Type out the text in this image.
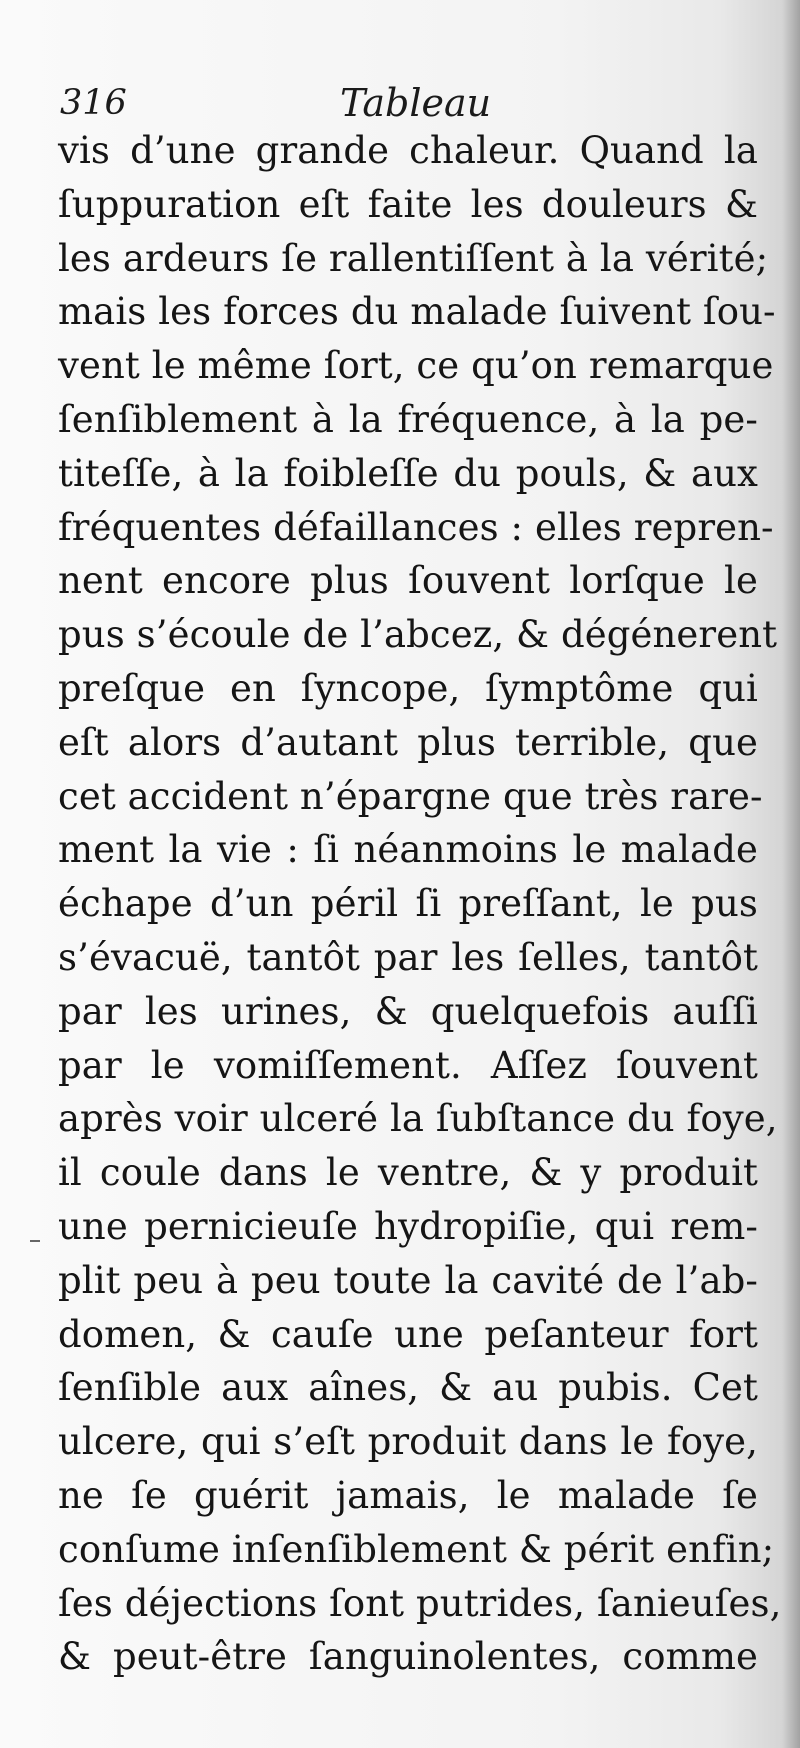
316	Tableau
vis d’une grande chaleur. Quand la
ſuppuration eſt faite les douleurs &
les ardeurs ſe rallentiſſent à la vérité;
mais les forces du malade ſuivent ſou-
vent le même ſort, ce qu’on remarque
ſenſiblement à la fréquence, à la pe-
titeſſe, à la foibleſſe du pouls, & aux
fréquentes défaillances : elles repren-
nent encore plus ſouvent lorſque le
pus s’écoule de l’abcez, & dégénerent
preſque en ſyncope, ſymptôme qui
eſt alors d’autant plus terrible, que
cet accident n’épargne que très rare-
ment la vie : ſi néanmoins le malade
échape d’un péril ſi preſſant, le pus
s’évacuë, tantôt par les ſelles, tantôt
par les urines, & quelquefois auſſi
par le vomiſſement. Aſſez ſouvent
après voir ulceré la ſubſtance du foye,
il coule dans le ventre, & y produit
une pernicieuſe hydropiſie, qui rem-
plit peu à peu toute la cavité de l’ab-
domen, & cauſe une peſanteur fort
ſenſible aux aînes, & au pubis. Cet
ulcere, qui s’eſt produit dans le foye,
ne ſe guérit jamais, le malade ſe
conſume inſenſiblement & périt enfin;
ſes déjections ſont putrides, ſanieuſes,
& peut-être ſanguinolentes, comme
